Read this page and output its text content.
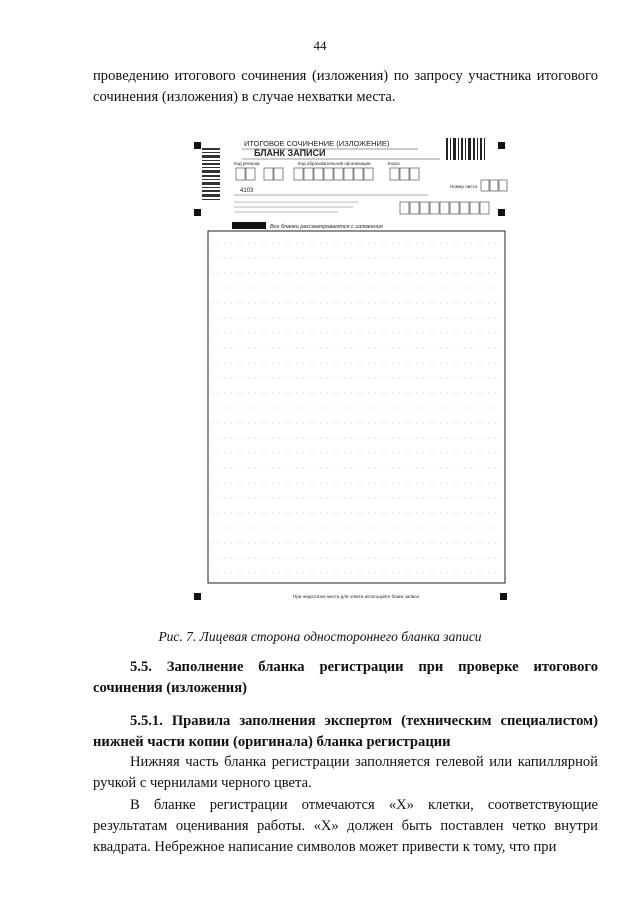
44
проведению итогового сочинения (изложения) по запросу участника итогового сочинения (изложения) в случае нехватки места.
ИТОГОВОЕ СОЧИНЕНИЕ (ИЗЛОЖЕНИЕ)
БЛАНК ЗАПИСИ
Код региона	Код образовательной организации	Класс
4103
Номер листа
Все бланки рассматриваются с изложения
При недостатке места для ответа используйте бланк записи
Рис. 7. Лицевая сторона одностороннего бланка записи
5.5. Заполнение бланка регистрации при проверке итогового сочинения (изложения)
5.5.1. Правила заполнения экспертом (техническим специалистом) нижней части копии (оригинала) бланка регистрации
Нижняя часть бланка регистрации заполняется гелевой или капиллярной ручкой с чернилами черного цвета.
В бланке регистрации отмечаются «Х» клетки, соответствующие результатам оценивания работы. «Х» должен быть поставлен четко внутри квадрата. Небрежное написание символов может привести к тому, что при
